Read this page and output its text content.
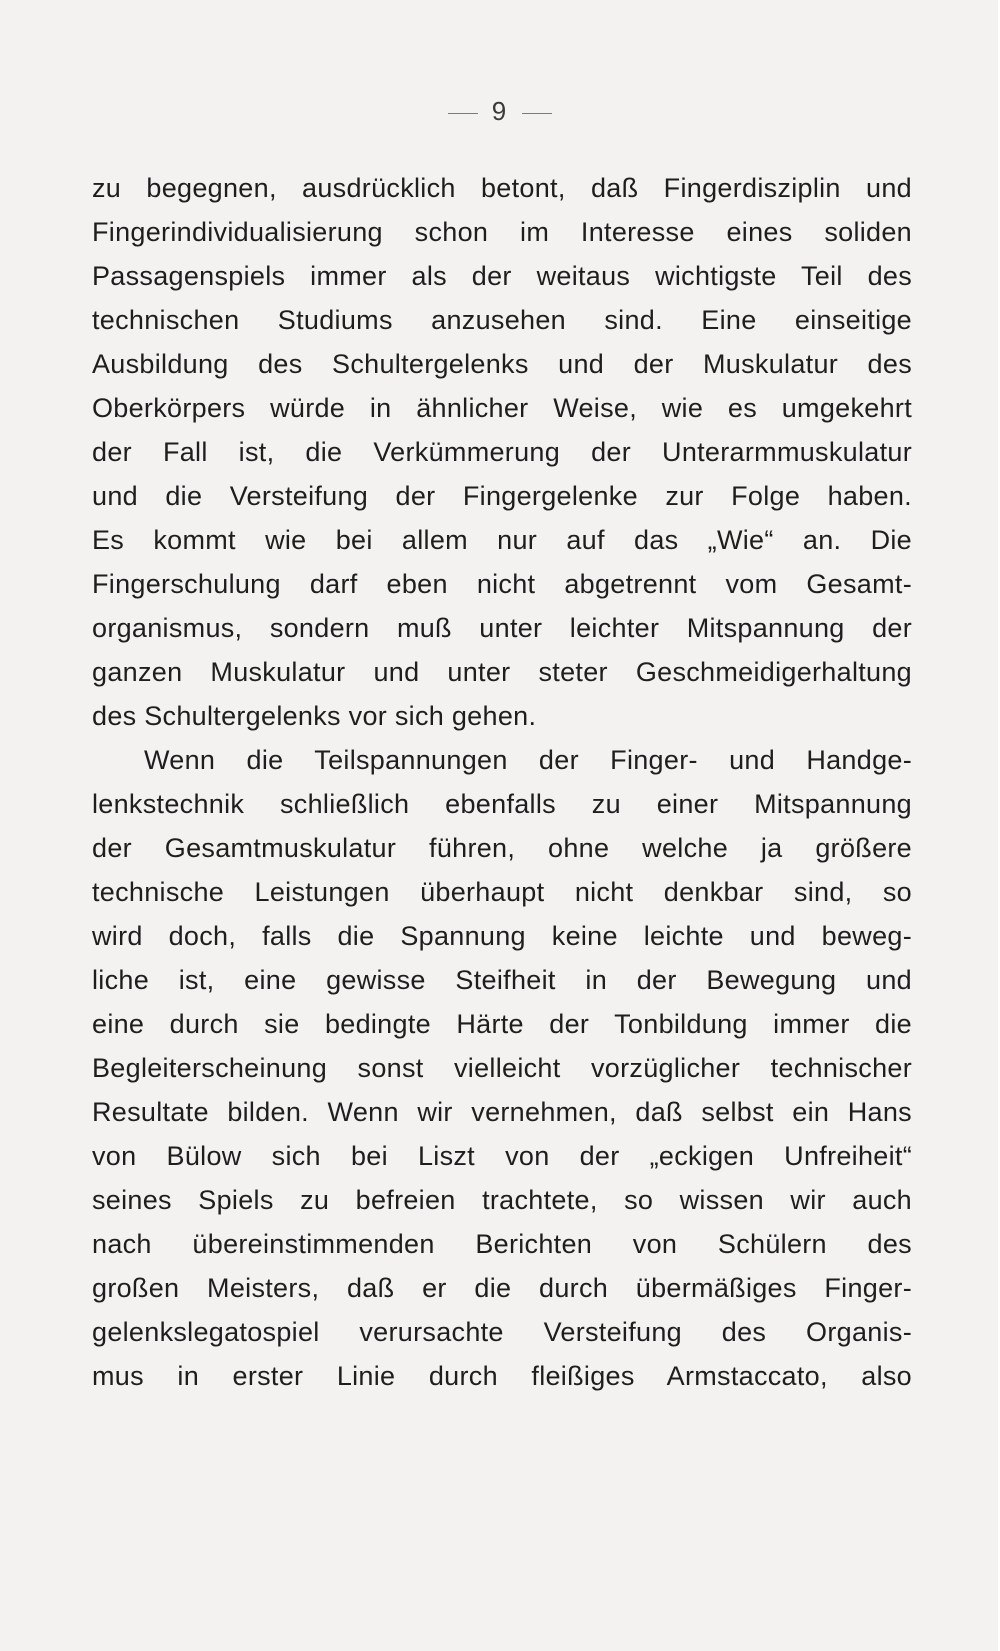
9
zu begegnen, ausdrücklich betont, daß Fingerdisziplin und
Fingerindividualisierung schon im Interesse eines soliden
Passagenspiels immer als der weitaus wichtigste Teil des
technischen Studiums anzusehen sind. Eine einseitige
Ausbildung des Schultergelenks und der Muskulatur des
Oberkörpers würde in ähnlicher Weise, wie es umgekehrt
der Fall ist, die Verkümmerung der Unterarmmuskulatur
und die Versteifung der Fingergelenke zur Folge haben.
Es kommt wie bei allem nur auf das „Wie“ an. Die
Fingerschulung darf eben nicht abgetrennt vom Gesamt-
organismus, sondern muß unter leichter Mitspannung der
ganzen Muskulatur und unter steter Geschmeidigerhaltung
des Schultergelenks vor sich gehen.
Wenn die Teilspannungen der Finger- und Handge-
lenkstechnik schließlich ebenfalls zu einer Mitspannung
der Gesamtmuskulatur führen, ohne welche ja größere
technische Leistungen überhaupt nicht denkbar sind, so
wird doch, falls die Spannung keine leichte und beweg-
liche ist, eine gewisse Steifheit in der Bewegung und
eine durch sie bedingte Härte der Tonbildung immer die
Begleiterscheinung sonst vielleicht vorzüglicher technischer
Resultate bilden. Wenn wir vernehmen, daß selbst ein Hans
von Bülow sich bei Liszt von der „eckigen Unfreiheit“
seines Spiels zu befreien trachtete, so wissen wir auch
nach übereinstimmenden Berichten von Schülern des
großen Meisters, daß er die durch übermäßiges Finger-
gelenkslegatospiel verursachte Versteifung des Organis-
mus in erster Linie durch fleißiges Armstaccato, also
